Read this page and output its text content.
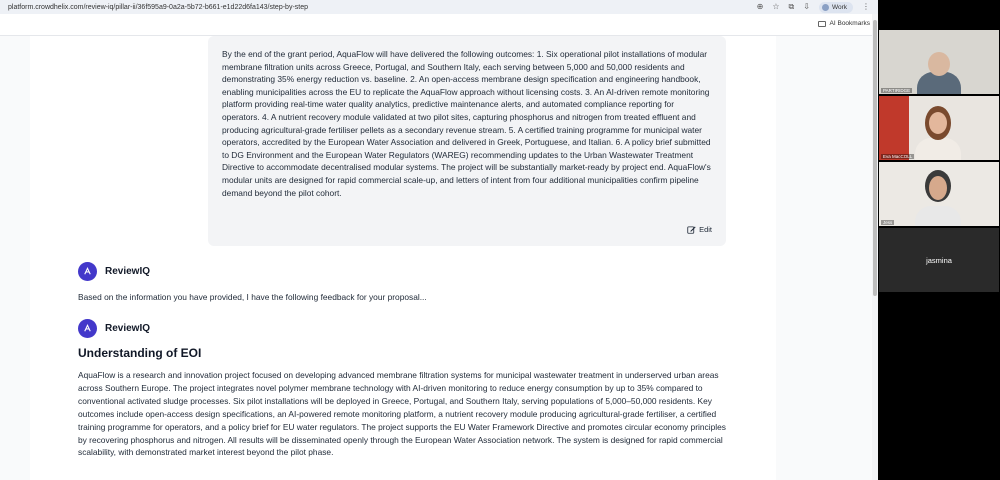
platform.crowdhelix.com/review-iq/pillar-ii/36f595a9-0a2a-5b72-b661-e1d22d6fa143/step-by-step	⊕ ☆ ⧉ ⇩	Work ⋮
AI Bookmarks

By the end of the grant period, AquaFlow will have delivered the following outcomes: 1. Six operational pilot installations of modular membrane filtration units across Greece, Portugal, and Southern Italy, each serving between 5,000 and 50,000 residents and demonstrating 35% energy reduction vs. baseline. 2. An open-access membrane design specification and engineering handbook, enabling municipalities across the EU to replicate the AquaFlow approach without licensing costs. 3. An AI-driven remote monitoring platform providing real-time water quality analytics, predictive maintenance alerts, and automated compliance reporting for operators. 4. A nutrient recovery module validated at two pilot sites, capturing phosphorus and nitrogen from treated effluent and producing agricultural-grade fertiliser pellets as a secondary revenue stream. 5. A certified training programme for municipal water operators, accredited by the European Water Association and delivered in Greek, Portuguese, and Italian. 6. A policy brief submitted to DG Environment and the European Water Regulators (WAREG) recommending updates to the Urban Wastewater Treatment Directive to accommodate decentralised modular systems. The project will be substantially market-ready by project end. AquaFlow's modular units are designed for rapid commercial scale-up, and letters of intent from four additional municipalities confirm pipeline demand beyond the pilot cohort.

Edit
ReviewIQ
Based on the information you have provided, I have the following feedback for your proposal...
ReviewIQ
Understanding of EOI

AquaFlow is a research and innovation project focused on developing advanced membrane filtration systems for municipal wastewater treatment in underserved urban areas across Southern Europe. The project integrates novel polymer membrane technology with AI-driven monitoring to reduce energy consumption by up to 35% compared to conventional activated sludge processes. Six pilot installations will be deployed in Greece, Portugal, and Southern Italy, serving populations of 5,000–50,000 residents. Key outcomes include open-access design specifications, an AI-powered remote monitoring platform, a nutrient recovery module producing agricultural-grade fertiliser, a certified training programme for operators, and a policy brief for EU water regulators. The project supports the EU Water Framework Directive and promotes circular economy principles by recovering phosphorus and nitrogen. All results will be disseminated openly through the European Water Association network. The system is designed for rapid commercial scalability, with demonstrated market interest beyond the pilot phase.

PARTIRIDGE
Eva MacCOLL
Jess
jasmina
